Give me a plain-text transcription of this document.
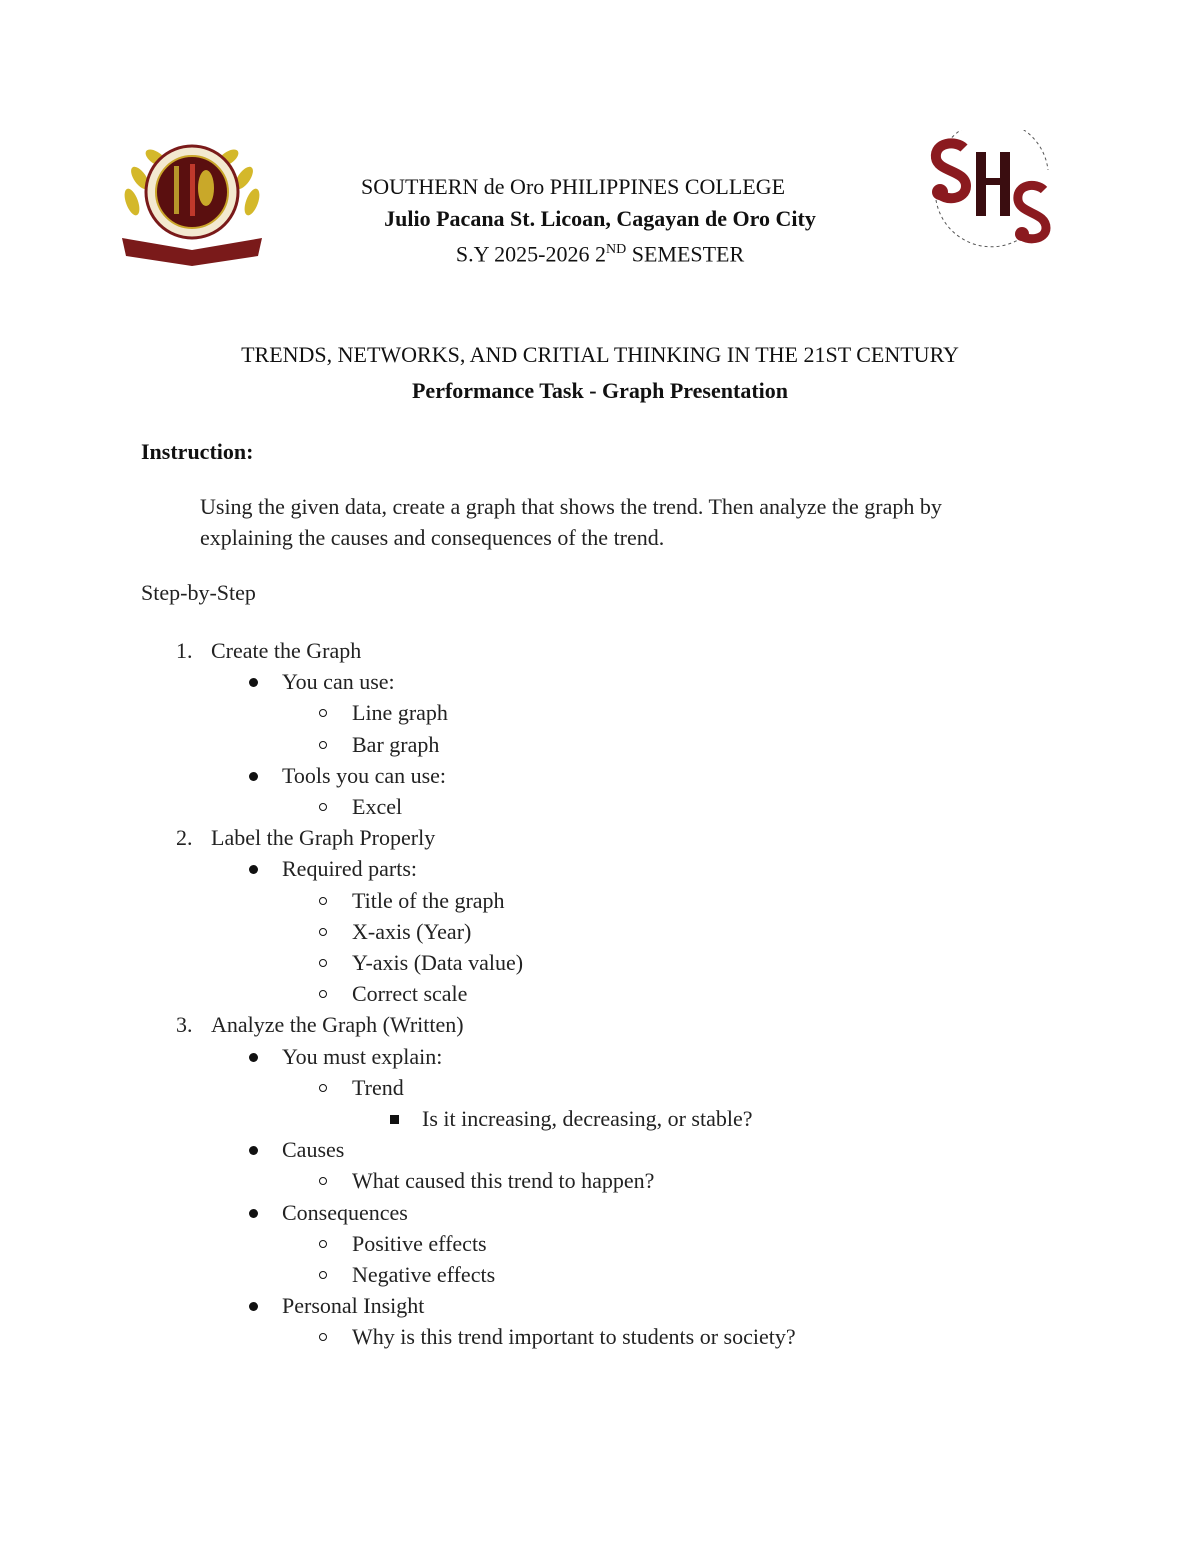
SOUTHERN de Oro PHILIPPINES COLLEGE
Julio Pacana St. Licoan, Cagayan de Oro City
S.Y 2025-2026 2ND SEMESTER
TRENDS, NETWORKS, AND CRITIAL THINKING IN THE 21ST CENTURY
Performance Task - Graph Presentation
Instruction:
Using the given data, create a graph that shows the trend. Then analyze the graph by
explaining the causes and consequences of the trend.
Step-by-Step
1. Create the Graph
You can use:
Line graph
Bar graph
Tools you can use:
Excel
2. Label the Graph Properly
Required parts:
Title of the graph
X-axis (Year)
Y-axis (Data value)
Correct scale
3. Analyze the Graph (Written)
You must explain:
Trend
Is it increasing, decreasing, or stable?
Causes
What caused this trend to happen?
Consequences
Positive effects
Negative effects
Personal Insight
Why is this trend important to students or society?
